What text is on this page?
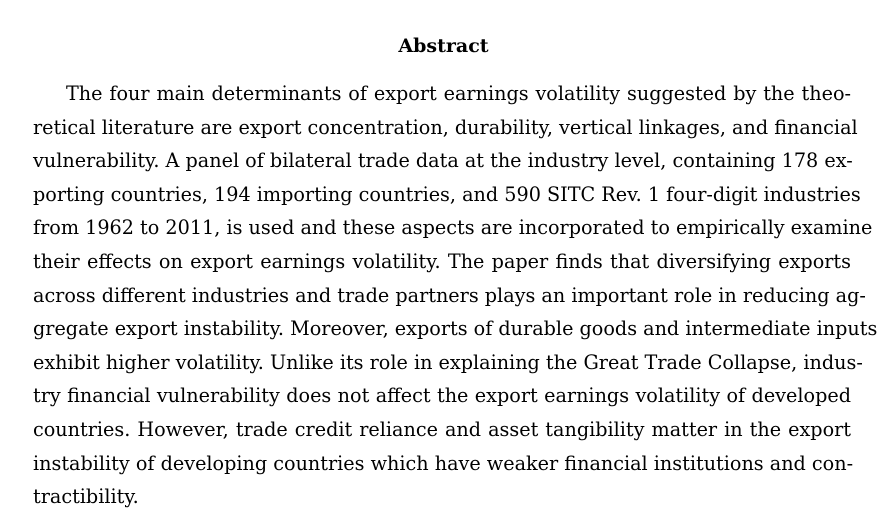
Abstract
The four main determinants of export earnings volatility suggested by the theo-
retical literature are export concentration, durability, vertical linkages, and financial
vulnerability. A panel of bilateral trade data at the industry level, containing 178 ex-
porting countries, 194 importing countries, and 590 SITC Rev. 1 four-digit industries
from 1962 to 2011, is used and these aspects are incorporated to empirically examine
their effects on export earnings volatility. The paper finds that diversifying exports
across different industries and trade partners plays an important role in reducing ag-
gregate export instability. Moreover, exports of durable goods and intermediate inputs
exhibit higher volatility. Unlike its role in explaining the Great Trade Collapse, indus-
try financial vulnerability does not affect the export earnings volatility of developed
countries. However, trade credit reliance and asset tangibility matter in the export
instability of developing countries which have weaker financial institutions and con-
tractibility.
